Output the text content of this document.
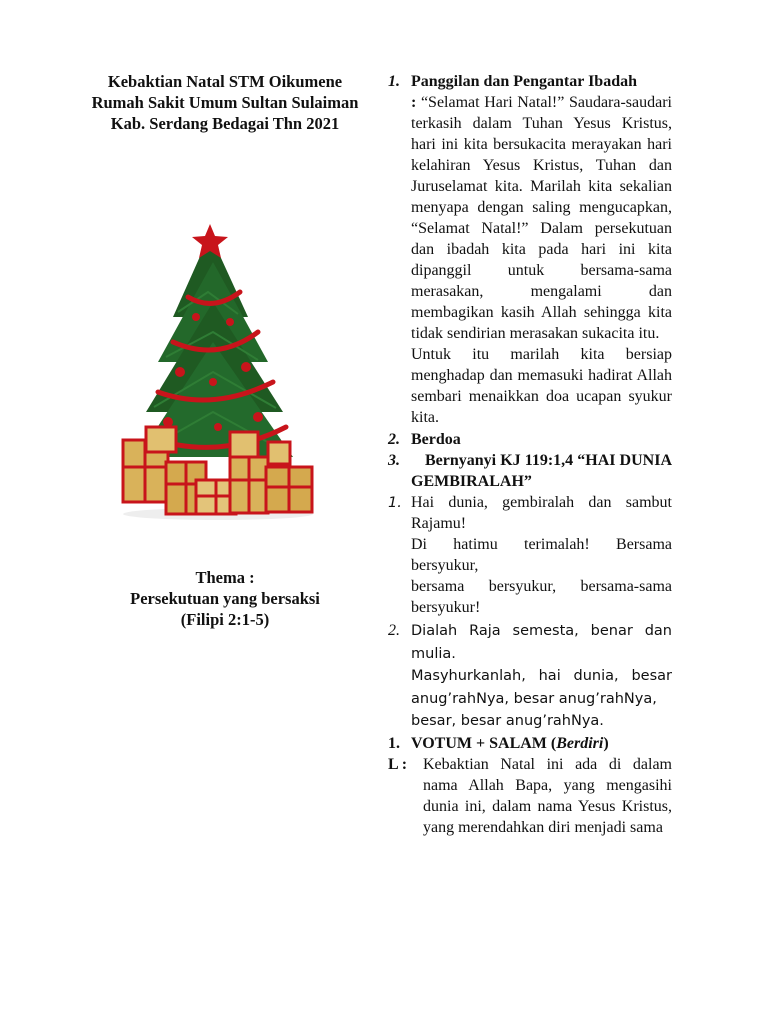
Kebaktian Natal STM Oikumene

Rumah Sakit Umum Sultan Sulaiman

Kab. Serdang Bedagai Thn 2021

Thema :
Persekutuan yang bersaksi
(Filipi 2:1-5)
1. Panggilan dan Pengantar Ibadah
: “Selamat Hari Natal!” Saudara-saudari terkasih dalam Tuhan Yesus Kristus, hari ini kita bersukacita merayakan hari kelahiran Yesus Kristus, Tuhan dan Juruselamat kita. Marilah kita sekalian menyapa dengan saling mengucapkan, “Selamat Natal!” Dalam persekutuan dan ibadah kita pada hari ini kita dipanggil untuk bersama-sama merasakan, mengalami dan membagikan kasih Allah sehingga kita tidak sendirian merasakan sukacita itu.
Untuk itu marilah kita bersiap menghadap dan memasuki hadirat Allah sembari menaikkan doa ucapan syukur kita.
2. Berdoa
3.	Bernyanyi KJ 119:1,4 “HAI DUNIA GEMBIRALAH”
1. Hai dunia, gembiralah dan sambut Rajamu!
Di hatimu terimalah! Bersama bersyukur,
bersama bersyukur, bersama-sama bersyukur!
2. Dialah Raja semesta, benar dan mulia.
Masyhurkanlah, hai dunia, besar anug’rahNya, besar anug’rahNya,
besar, besar anug’rahNya.
1. VOTUM + SALAM (Berdiri)
L : Kebaktian Natal ini ada di dalam nama Allah Bapa, yang mengasihi dunia ini, dalam nama Yesus Kristus, yang merendahkan diri menjadi sama
